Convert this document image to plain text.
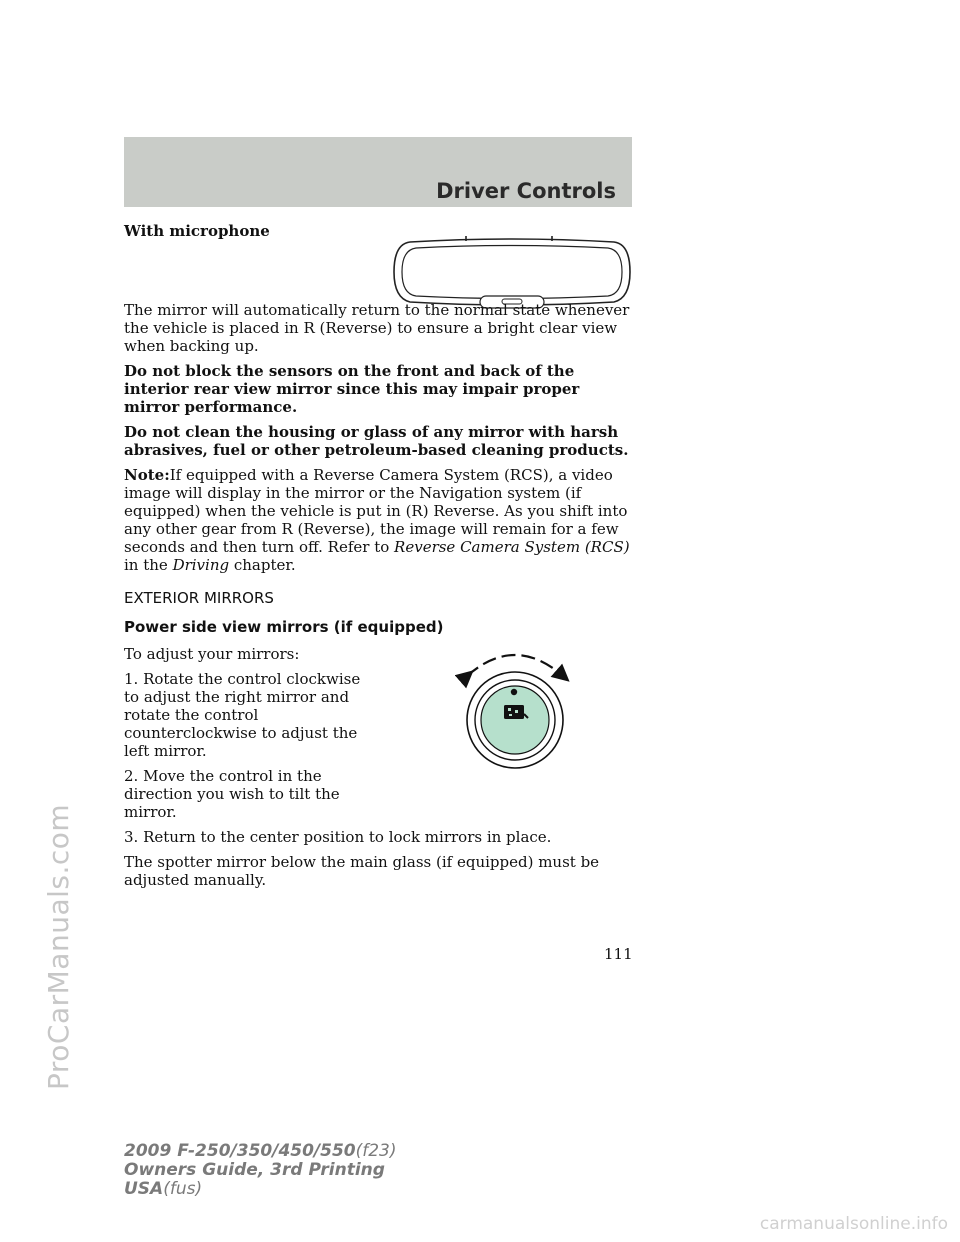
Driver Controls
ProCarManuals.com

With microphone

The mirror will automatically return to the normal state whenever the vehicle is placed in R (Reverse) to ensure a bright clear view when backing up.

Do not block the sensors on the front and back of the interior rear view mirror since this may impair proper mirror performance.

Do not clean the housing or glass of any mirror with harsh abrasives, fuel or other petroleum-based cleaning products.

Note:If equipped with a Reverse Camera System (RCS), a video image will display in the mirror or the Navigation system (if equipped) when the vehicle is put in (R) Reverse. As you shift into any other gear from R (Reverse), the image will remain for a few seconds and then turn off. Refer to Reverse Camera System (RCS) in the Driving chapter.

EXTERIOR MIRRORS

Power side view mirrors (if equipped)

To adjust your mirrors:

1. Rotate the control clockwise to adjust the right mirror and rotate the control counterclockwise to adjust the left mirror.

2. Move the control in the direction you wish to tilt the mirror.

3. Return to the center position to lock mirrors in place.

The spotter mirror below the main glass (if equipped) must be adjusted manually.

111
2009 F-250/350/450/550(f23)
Owners Guide, 3rd Printing
USA(fus)
carmanualsonline.info
